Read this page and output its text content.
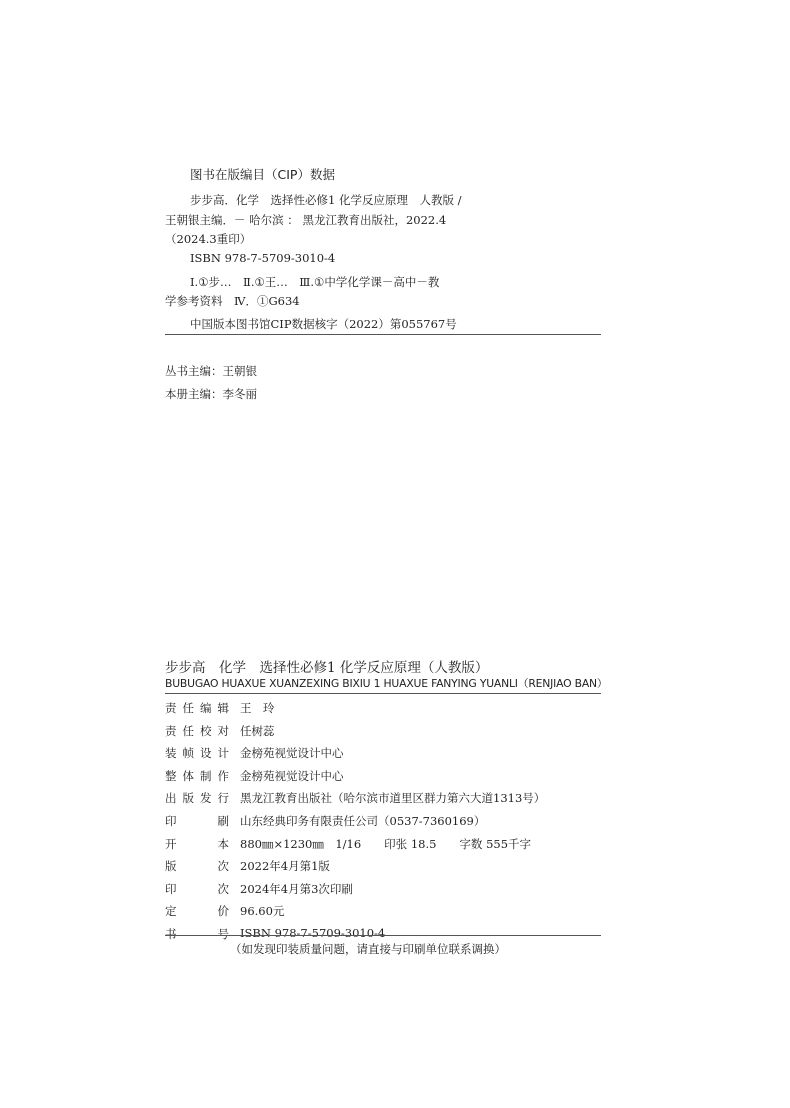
图书在版编目（CIP）数据
步步高．化学　选择性必修1 化学反应原理　人教版 /
王朝银主编．－ 哈尔滨 ： 黑龙江教育出版社，2022.4
（2024.3重印）
ISBN 978-7-5709-3010-4
Ⅰ.①步…　Ⅱ.①王…　Ⅲ.①中学化学课－高中－教
学参考资料　Ⅳ．①G634
中国版本图书馆CIP数据核字（2022）第055767号
丛书主编：王朝银
本册主编：李冬丽
步步高　化学　选择性必修1 化学反应原理（人教版）
BUBUGAO HUAXUE XUANZEXING BIXIU 1 HUAXUE FANYING YUANLI（RENJIAO BAN）
责 任 编 辑 王　玲
责 任 校 对 任树蕊
装 帧 设 计 金榜苑视觉设计中心
整 体 制 作 金榜苑视觉设计中心
出 版 发 行 黑龙江教育出版社（哈尔滨市道里区群力第六大道1313号）
印	刷 山东经典印务有限责任公司（0537-7360169）
开	本 880㎜×1230㎜　1/16　　印张 18.5　　字数 555千字
版	次 2022年4月第1版
印	次 2024年4月第3次印刷
定	价 96.60元
书	号 ISBN 978-7-5709-3010-4
（如发现印装质量问题，请直接与印刷单位联系调换）
